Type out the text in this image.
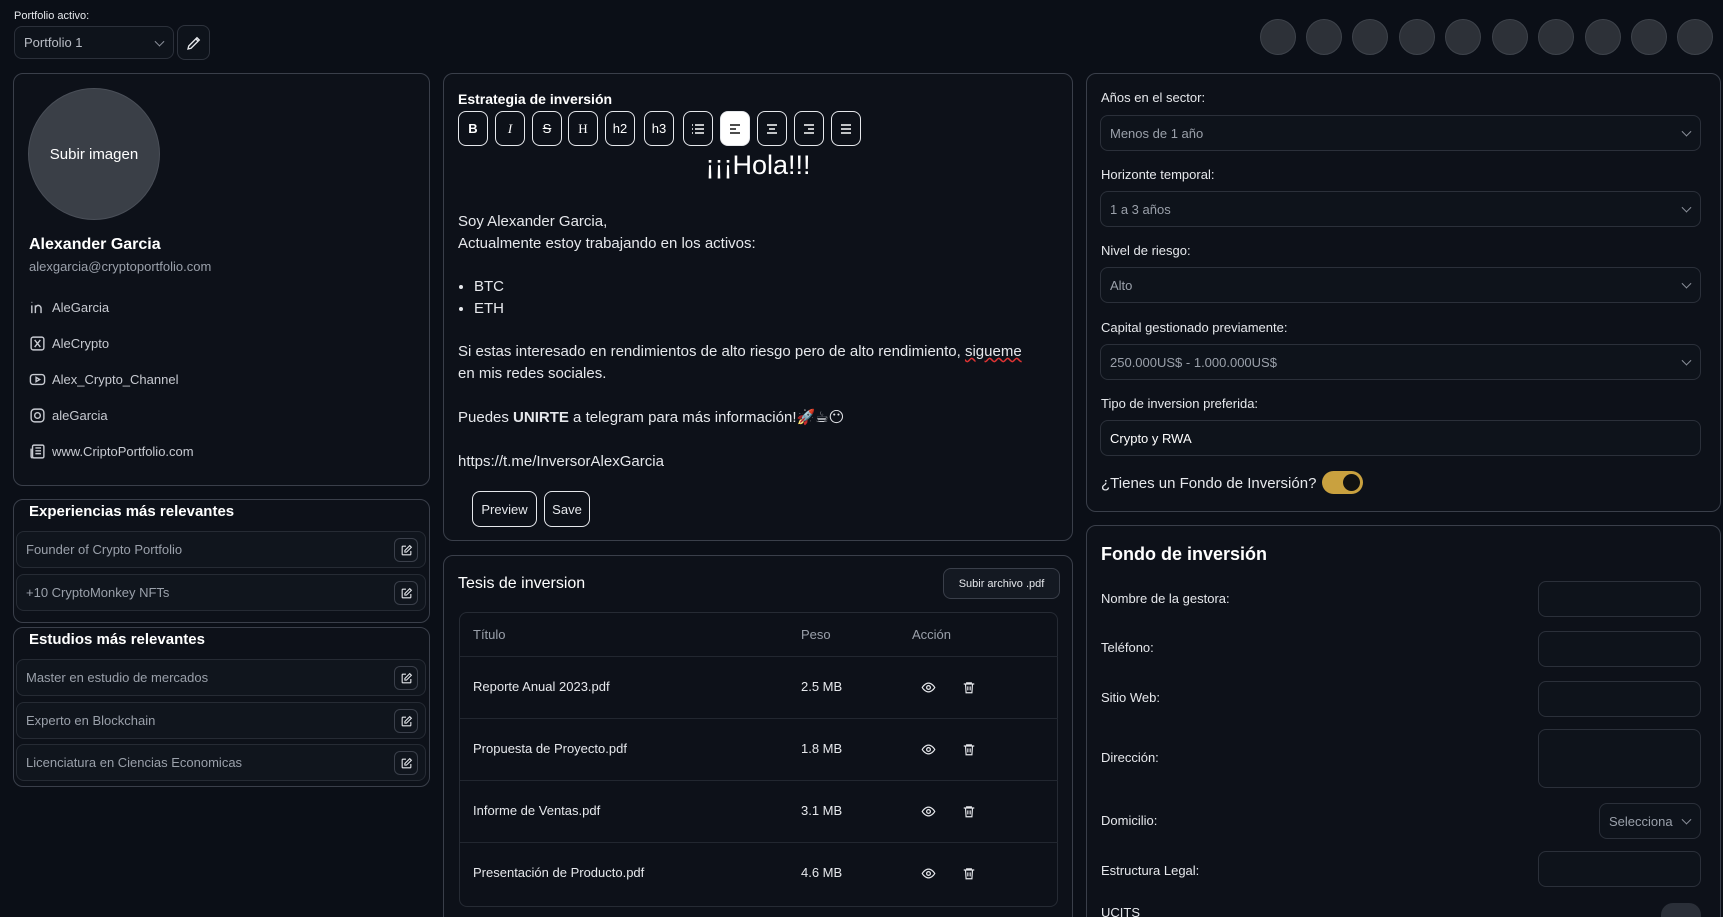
Portfolio activo:
Portfolio 1
Subir imagen
Alexander Garcia
alexgarcia@cryptoportfolio.com
AleGarcia
AleCrypto
Alex_Crypto_Channel
aleGarcia
www.CriptoPortfolio.com
Experiencias más relevantes
Founder of Crypto Portfolio
+10 CryptoMonkey NFTs
Estudios más relevantes
Master en estudio de mercados
Experto en Blockchain
Licenciatura en Ciencias Economicas
Estrategia de inversión
B I S H h2 h3
¡¡¡Hola!!!
Soy Alexander Garcia,
Actualmente estoy trabajando en los activos:
• BTC
• ETH
Si estas interesado en rendimientos de alto riesgo pero de alto rendimiento, sigueme
en mis redes sociales.
Puedes UNIRTE a telegram para más información!🚀☕😶
https://t.me/InversorAlexGarcia
Preview Save
Tesis de inversion	Subir archivo .pdf
Título	Peso	Acción
Reporte Anual 2023.pdf	2.5 MB
Propuesta de Proyecto.pdf	1.8 MB
Informe de Ventas.pdf	3.1 MB
Presentación de Producto.pdf	4.6 MB
Años en el sector:
Menos de 1 año
Horizonte temporal:
1 a 3 años
Nivel de riesgo:
Alto
Capital gestionado previamente:
250.000US$ - 1.000.000US$
Tipo de inversion preferida:
Crypto y RWA
¿Tienes un Fondo de Inversión?
Fondo de inversión
Nombre de la gestora:
Teléfono:
Sitio Web:
Dirección:
Domicilio:	Selecciona
Estructura Legal:
UCITS
